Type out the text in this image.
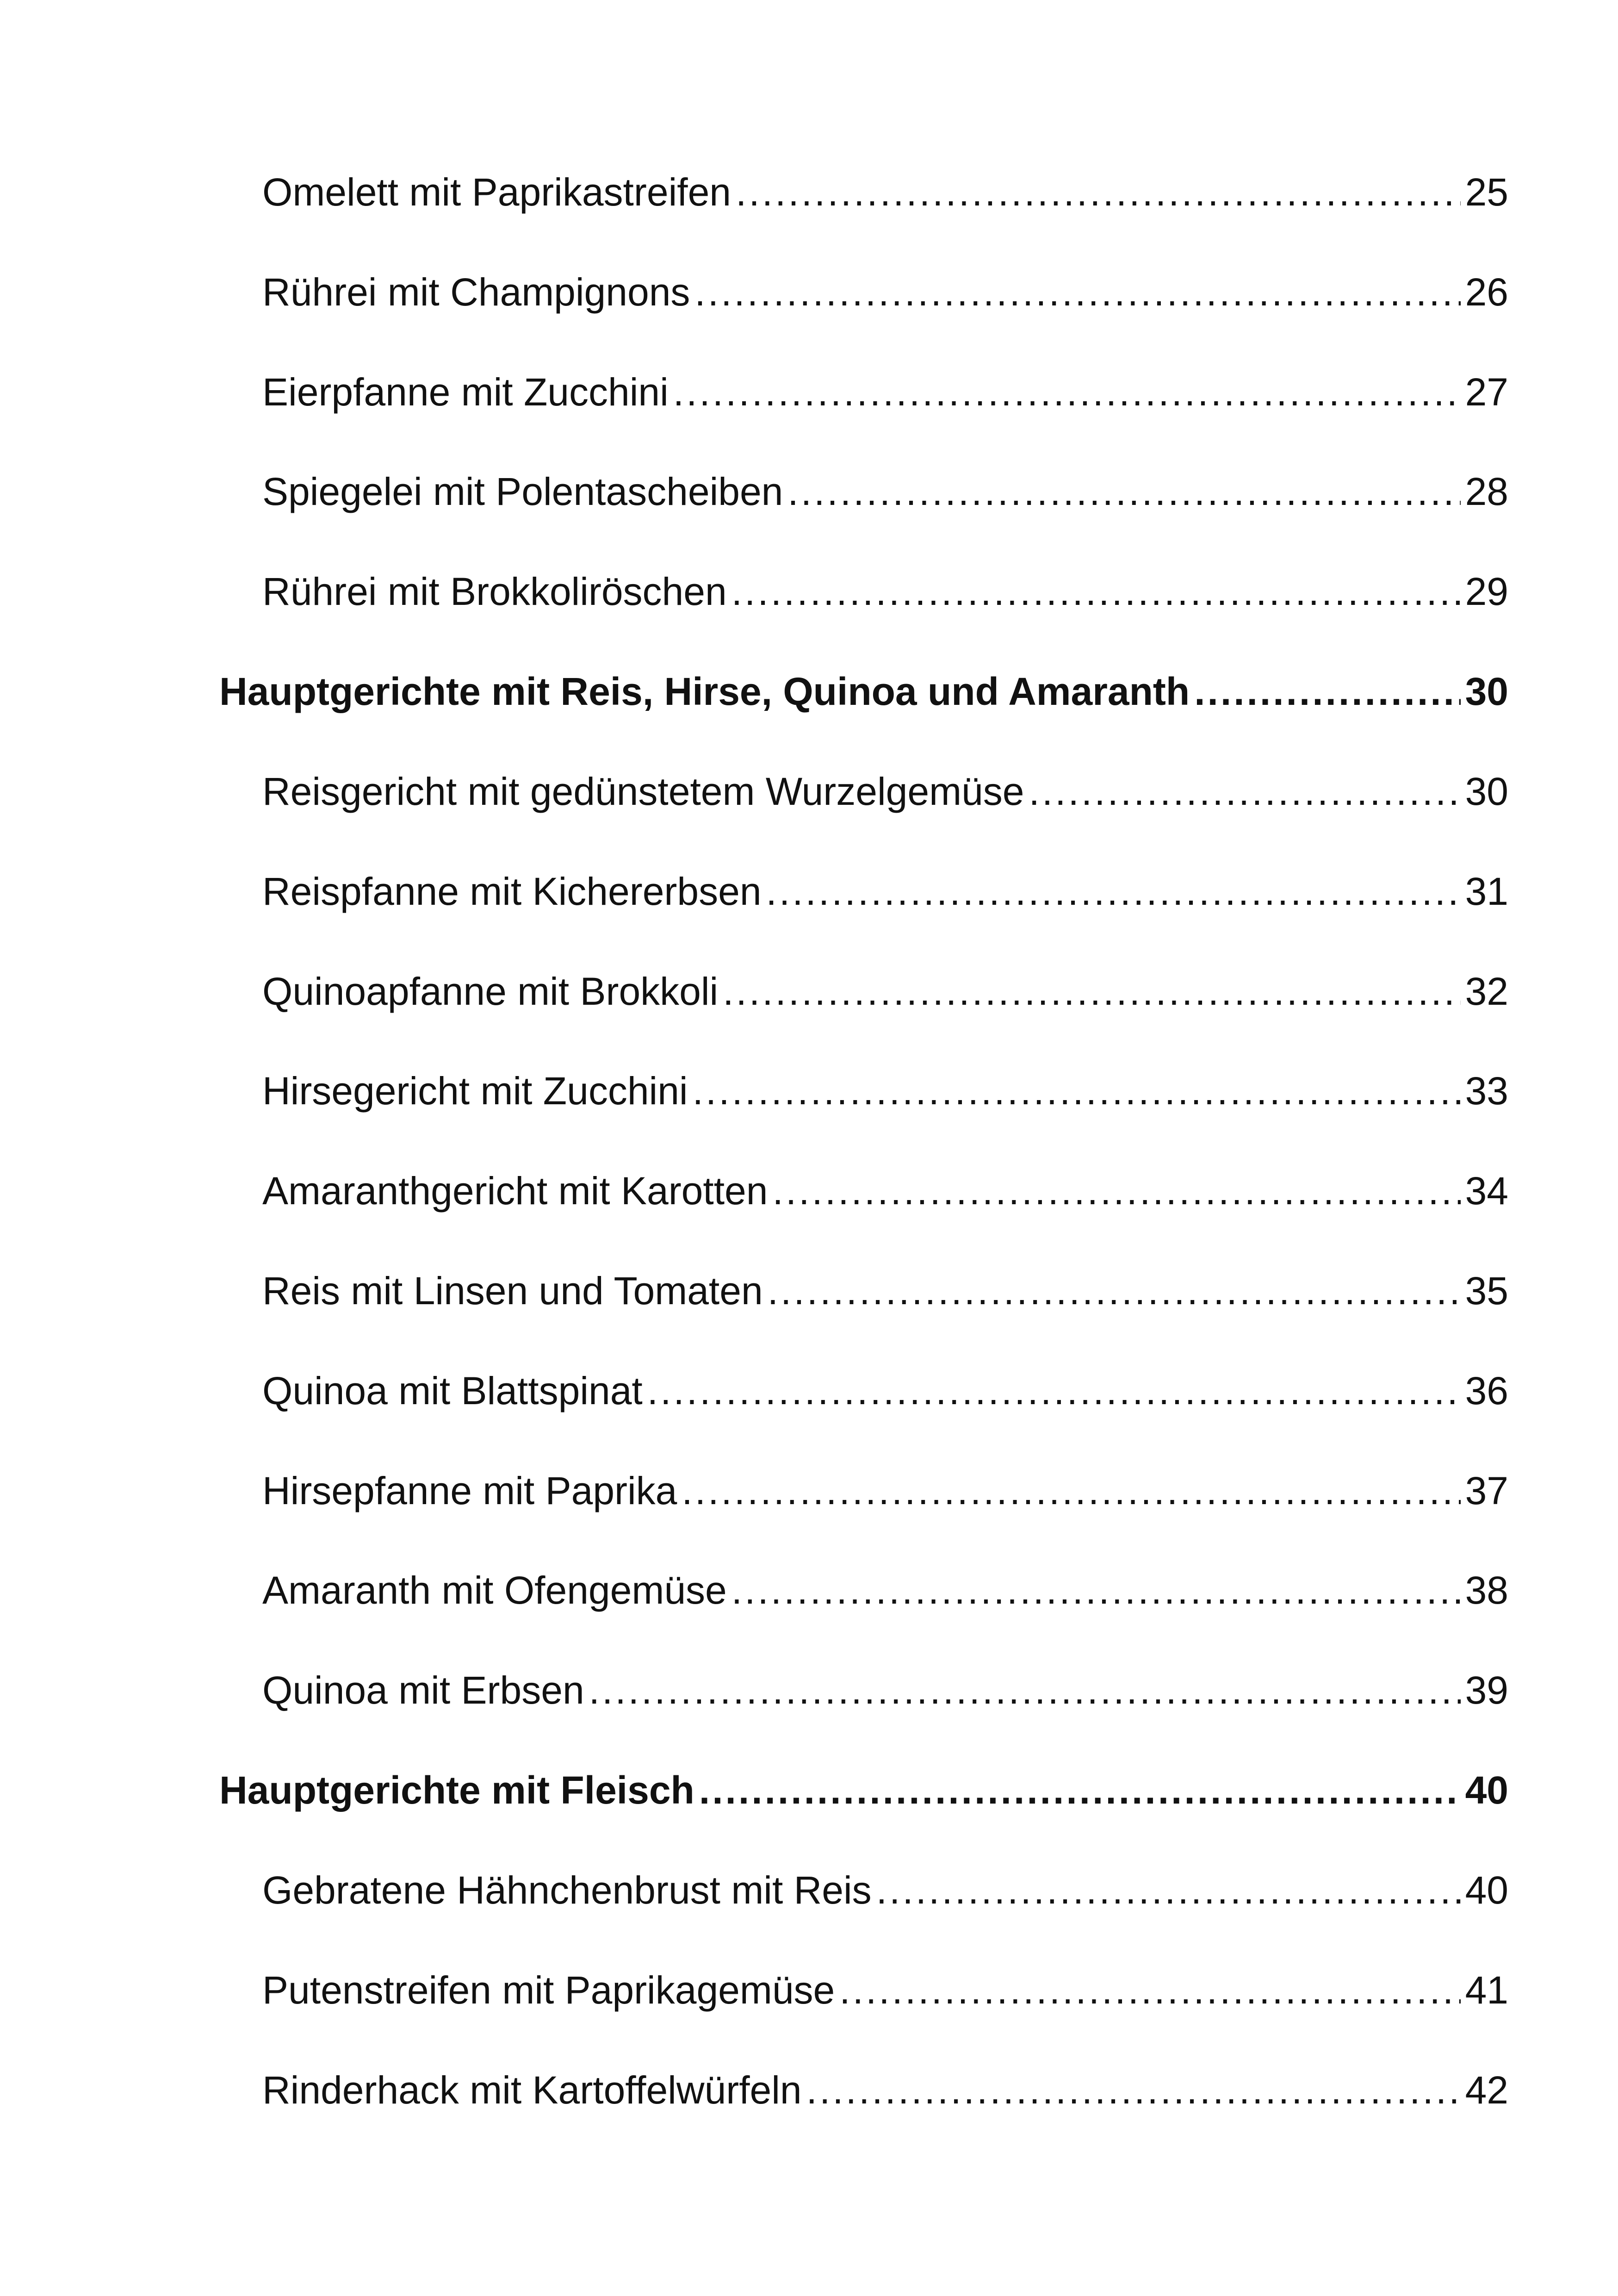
Omelett mit Paprikastreifen .....	25
Rührei mit Champignons .....	26
Eierpfanne mit Zucchini .....	27
Spiegelei mit Polentascheiben .....	28
Rührei mit Brokkoliröschen .....	29
Hauptgerichte mit Reis, Hirse, Quinoa und Amaranth .....	30
Reisgericht mit gedünstetem Wurzelgemüse .....	30
Reispfanne mit Kichererbsen .....	31
Quinoapfanne mit Brokkoli .....	32
Hirsegericht mit Zucchini .....	33
Amaranthgericht mit Karotten .....	34
Reis mit Linsen und Tomaten .....	35
Quinoa mit Blattspinat .....	36
Hirsepfanne mit Paprika .....	37
Amaranth mit Ofengemüse .....	38
Quinoa mit Erbsen .....	39
Hauptgerichte mit Fleisch .....	40
Gebratene Hähnchenbrust mit Reis .....	40
Putenstreifen mit Paprikagemüse .....	41
Rinderhack mit Kartoffelwürfeln .....	42
